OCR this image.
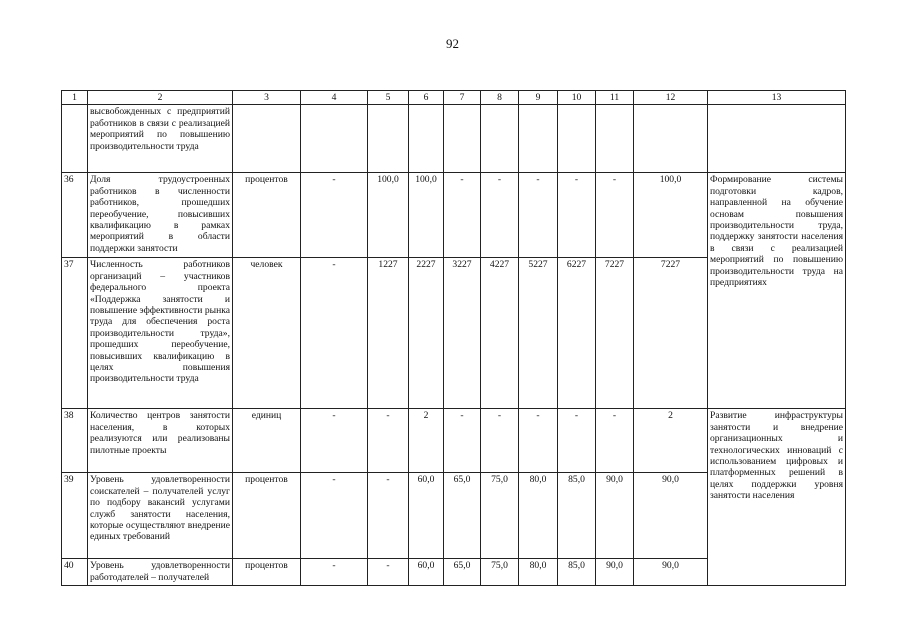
92
1	2	3	4	5	6	7	8	9	10	11	12	13
	высвобожденных с предприятий работников в связи с реализацией мероприятий по повышению производительности труда											
36	Доля трудоустроенных работников в численности работников, прошедших переобучение, повысивших квалификацию в рамках мероприятий в области поддержки занятости	процентов	-	100,0	100,0	-	-	-	-	-	100,0	Формирование системы подготовки кадров, направленной на обучение основам повышения производительности труда, поддержку занятости населения в связи с реализацией мероприятий по повышению производительности труда на предприятиях
37	Численность работников организаций – участников федерального проекта «Поддержка занятости и повышение эффективности рынка труда для обеспечения роста производительности труда», прошедших переобучение, повысивших квалификацию в целях повышения производительности труда	человек	-	1227	2227	3227	4227	5227	6227	7227	7227	
38	Количество центров занятости населения, в которых реализуются или реализованы пилотные проекты	единиц	-	-	2	-	-	-	-	-	2	Развитие инфраструктуры занятости и внедрение организационных и технологических инноваций с использованием цифровых и платформенных решений в целях поддержки уровня занятости населения
39	Уровень удовлетворенности соискателей – получателей услуг по подбору вакансий услугами служб занятости населения, которые осуществляют внедрение единых требований	процентов	-	-	60,0	65,0	75,0	80,0	85,0	90,0	90,0	
40	Уровень удовлетворенности работодателей – получателей	процентов	-	-	60,0	65,0	75,0	80,0	85,0	90,0	90,0	
